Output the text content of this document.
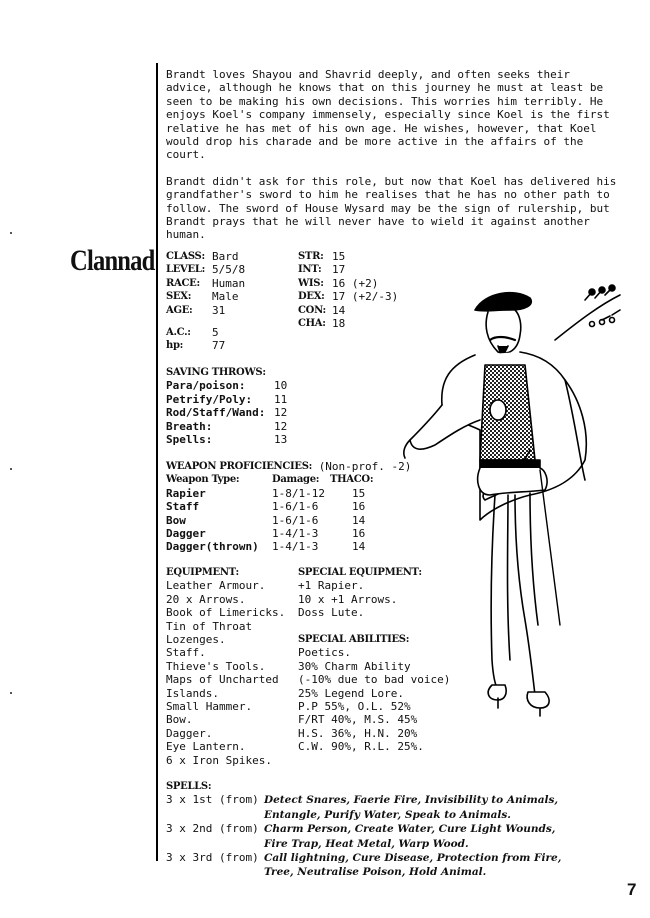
Brandt loves Shayou and Shavrid deeply, and often seeks their advice, although he knows that on this journey he must at least be seen to be making his own decisions. This worries him terribly. He enjoys Koel's company immensely, especially since Koel is the first relative he has met of his own age. He wishes, however, that Koel would drop his charade and be more active in the affairs of the court.

Brandt didn't ask for this role, but now that Koel has delivered his grandfather's sword to him he realises that he has no other path to follow. The sword of House Wysard may be the sign of rulership, but Brandt prays that he will never have to wield it against another human.

Clannad CLASS: Bard
LEVEL: 5/5/8
RACE:	Human
SEX:	Male
AGE:	31
A.C.:	5
hp:	77
STR: 15
INT: 17
WIS: 16 (+2)
DEX: 17 (+2/-3)
CON: 14
CHA: 18
SAVING THROWS:
Para/poison:	10
Petrify/Poly:	11
Rod/Staff/Wand: 12
Breath:	12
Spells:	13
WEAPON PROFICIENCIES:
(Non-prof. -2)
Weapon Type:	Damage:	THACO:
Rapier	1-8/1-12	15
Staff	1-6/1-6	16
Bow	1-6/1-6	14
Dagger	1-4/1-3	16
Dagger(thrown)	1-4/1-3	14
EQUIPMENT:
Leather Armour.
20 x Arrows.
Book of Limericks.
Tin of Throat
Lozenges.
Staff.
Thieve's Tools.
Maps of Uncharted
Islands.
Small Hammer.
Bow.
Dagger.
Eye Lantern.
6 x Iron Spikes.
SPECIAL EQUIPMENT:
+1 Rapier.
10 x +1 Arrows.
Doss Lute.
SPECIAL ABILITIES:
Poetics.
30% Charm Ability
(-10% due to bad voice)
25% Legend Lore.
P.P 55%, O.L. 52%
F/RT 40%, M.S. 45%
H.S. 36%, H.N. 20%
C.W. 90%, R.L. 25%.
SPELLS:
3 x 1st (from) Detect Snares, Faerie Fire, Invisibility to Animals,
Entangle, Purify Water, Speak to Animals.
3 x 2nd (from) Charm Person, Create Water, Cure Light Wounds,
Fire Trap, Heat Metal, Warp Wood.
3 x 3rd (from) Call lightning, Cure Disease, Protection from Fire,
Tree, Neutralise Poison, Hold Animal.
7
